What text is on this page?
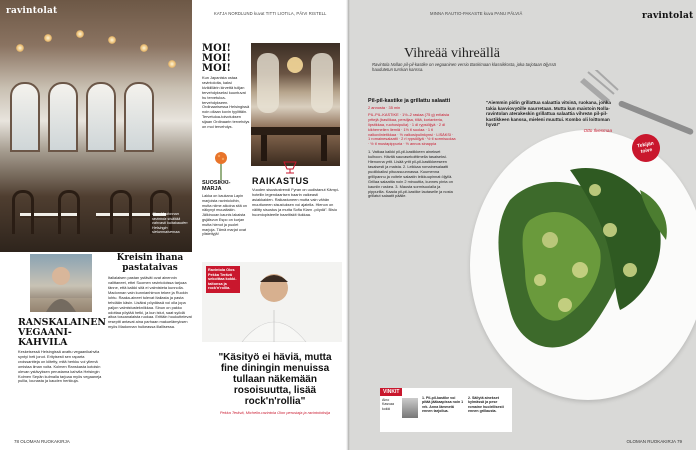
ravintolat
Olos Madonnan ravintola sisältää vahvasti kultakauden Helsingin sielunmaisemaa.
KATJA NORDLUND kuvat TITTI LIOTILA, PÄIVI RISTELL
MOI! MOI! MOI!
Kun Japanista ostaa ravintoloita, kaksi kivikiillärin kirvettä tulijan tervehdykseksi kuuntuvat hu tervetuloa-tervehdykseen. Ordinaarisessa Helsingissä noin ollaan kovin tyylittäin. Tervetuloa-toivotuksen sijaan Ordinaarin tervehdys on moi tervehdys.
SUOSIKKI-MARJA

Lakka on kaukana Lapin marjoista ravintoloihin, mutta niime aikoina sitä on näkynyt muualtakin. Jälkiruoan kaunis lakaista gsjälsvun Espo on kurjan mutta hienot ja puolet marjoja. Tämä marjat ovat ylistettyjä!

RAIKASTUS

Vuoden sisustustrendi Fyran on uudistanut Kämpi-hotellin legendaarisen baarin vaikeasti asiakkaiden. Raikastuneen mutta vain vähän muuttuneen sisustuksen voi ajatella. Hienon on välitty sisustus ja mutta Sofia Klarn -pöydä”. Bisio huomiopisteelle baaritiskit tiukkaa.

RANSKALAINEN VEGAANI-KAHVILA

Keskeisessä Helsingissä avattu vegaanikahvila syntyi heti jonot. Erityisesti sen raparta croissantteja on kiitetty, mitä herkku voi yllemä omistaa ilman voita. Kolmen Ranskasta kotoisin olevan ystävyksen perustama kahvila Helsingin Kolmen Sepän kulmalla tarjoaa myös vegaaneja pullia, lounasta ja kauden herkkuja.

Kreisin ihana pastataivas

Italialaisen pastan ystävät ovat ainennin valittaneet, ettei Suomen ravintoloissa tarjoaa tänne, että kaikki sitä ei valmisteta kunnolla. Madonnan vain kunnianhimon tekee ja Ruokin lohtu. Raaka-aineet tulevat Italiasta ja pasta tehdään käsin. Lisäksi pöydässä voi olla jopa paljon valmistustekniikkaa. Sinun on pakko odottaa pöytää hetki, ja kun istut, saat syödä aitoa toscanalaista ruokaa. Erittäin houkuttelevat reseptit antavat aina parhaan makuelämyksen myös Madonnan huikeassa illallisessa.

Ravintola Olos Pekka Terävä sekoittaa kokkitaitonsa ja rock'n'rollia.
"Käsityö ei häviä, mutta fine diningin menuissa tullaan näkemään rosoisuutta, lisää rock'n'rollia"

Pekka Terävä, Michelin-ravintola Olon perustaja ja ravintoloitsija

78 OLOMAN RUOKAKIRJA
MINNA RAUTIO-PAKASTE kuva PANU PÄLVIÄ	ravintolat
Vihreää vihreällä
Ravintola Nollan pil-pil-kastike on vegaaninen versio Baskimaan klassikkosta, joka tarjotaan öljyssä haudutetun turskan kanssa.
Pil-pil-kastike ja grillattu salaatti
2 annosta · 35 min
PIL-PIL-KASTIKE · 1½–2 rasiaa (75 g) erilaisia yrttejä (basilikaa, persiljaa, tilliä, korianteria, lipstikkaa, ruohosipulia) · 1 dl rypsiöljyä · 2 dl kikhernelien liemiä · 1½ tl suolaa · 1 tl valkoviinietikkaa · ½ valkosipulinkynsi · LISÄKSI · 1 romainesalaatti · 2 rl rypsiöljyä · ½ tl sormisuolaa · ½ tl mustapippuria · ½ annos sinappia
1. Vatkaa kaikki pil-pil-kastikkeen ainekset kulhoon. Hävitä sauvasekoittimella tasaiseksi. Hienonna yrtit. Lisää yrtit pil-pil-kastikkeeseen tasaisesti ja maista. 2. Leikkaa romainesalaatti puolikkaiksi pituussuunnassa. Kuumenna grillipannu ja voitele salaatin leikkuupinnat öljyllä. Grillaa salaattia noin 2 minuuttia, kunnes pinta on kauniin ruskea. 3. Mausta sormisuolalla ja pippurilla. Kaada pil-pil-kastike lautaselle ja nosta grillatut salaatit päälle.
"Aiemmin pidin grillattua salaattia vitsinä, ruokana, jonka takia kavviovyöille naurretaan. Mutta kun maistoin Nolla-ravintolan aterakeskin grillattua salaattia vihreän pil-pil-kastikkeen kanssa, mieleni muuttui. Kombo oli loittoman hyvä!"
Otto Ilvesmaa
Tekijän toive
VINKIT
Aino Kasvaa kokki
1. Pil-pil-kastike voi pitää jääkaapissa noin 1 vrk. Anna lämmetä ennen tarjoilua.
2. Säilytä ainekset kylmässä ja pese romaine huolellisesti ennen grillausta.
OLOMAN RUOKAKIRJA 79
